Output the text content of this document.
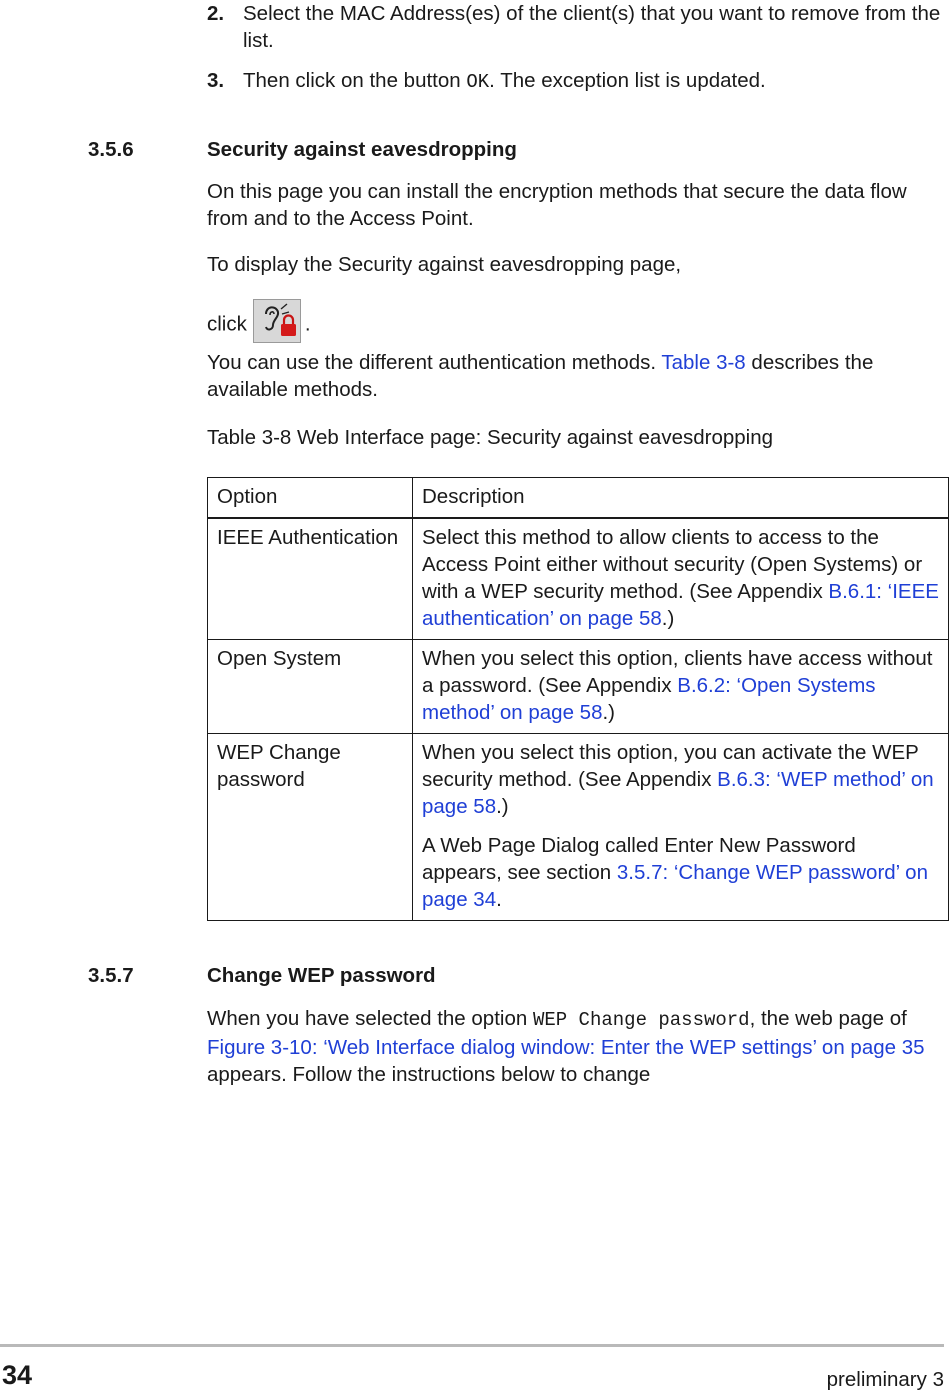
2. Select the MAC Address(es) of the client(s) that you want to remove from the list.
3. Then click on the button OK. The exception list is updated.
3.5.6	Security against eavesdropping
On this page you can install the encryption methods that secure the data flow from and to the Access Point.
To display the Security against eavesdropping page,
click	.
You can use the different authentication methods. Table 3-8 describes the available methods.
Table 3-8 Web Interface page: Security against eavesdropping
Option	Description
IEEE Authentication	Select this method to allow clients to access to the Access Point either without security (Open Systems) or with a WEP security method. (See Appendix B.6.1: ‘IEEE authentication’ on page 58.)
Open System	When you select this option, clients have access without a password. (See Appendix B.6.2: ‘Open Systems method’ on page 58.)
WEP Change password	When you select this option, you can activate the WEP security method. (See Appendix B.6.3: ‘WEP method’ on page 58.)
A Web Page Dialog called Enter New Password appears, see section 3.5.7: ‘Change WEP password’ on page 34.
3.5.7	Change WEP password
When you have selected the option WEP Change password, the web page of Figure 3-10: ‘Web Interface dialog window: Enter the WEP settings’ on page 35 appears. Follow the instructions below to change
34	preliminary 3
